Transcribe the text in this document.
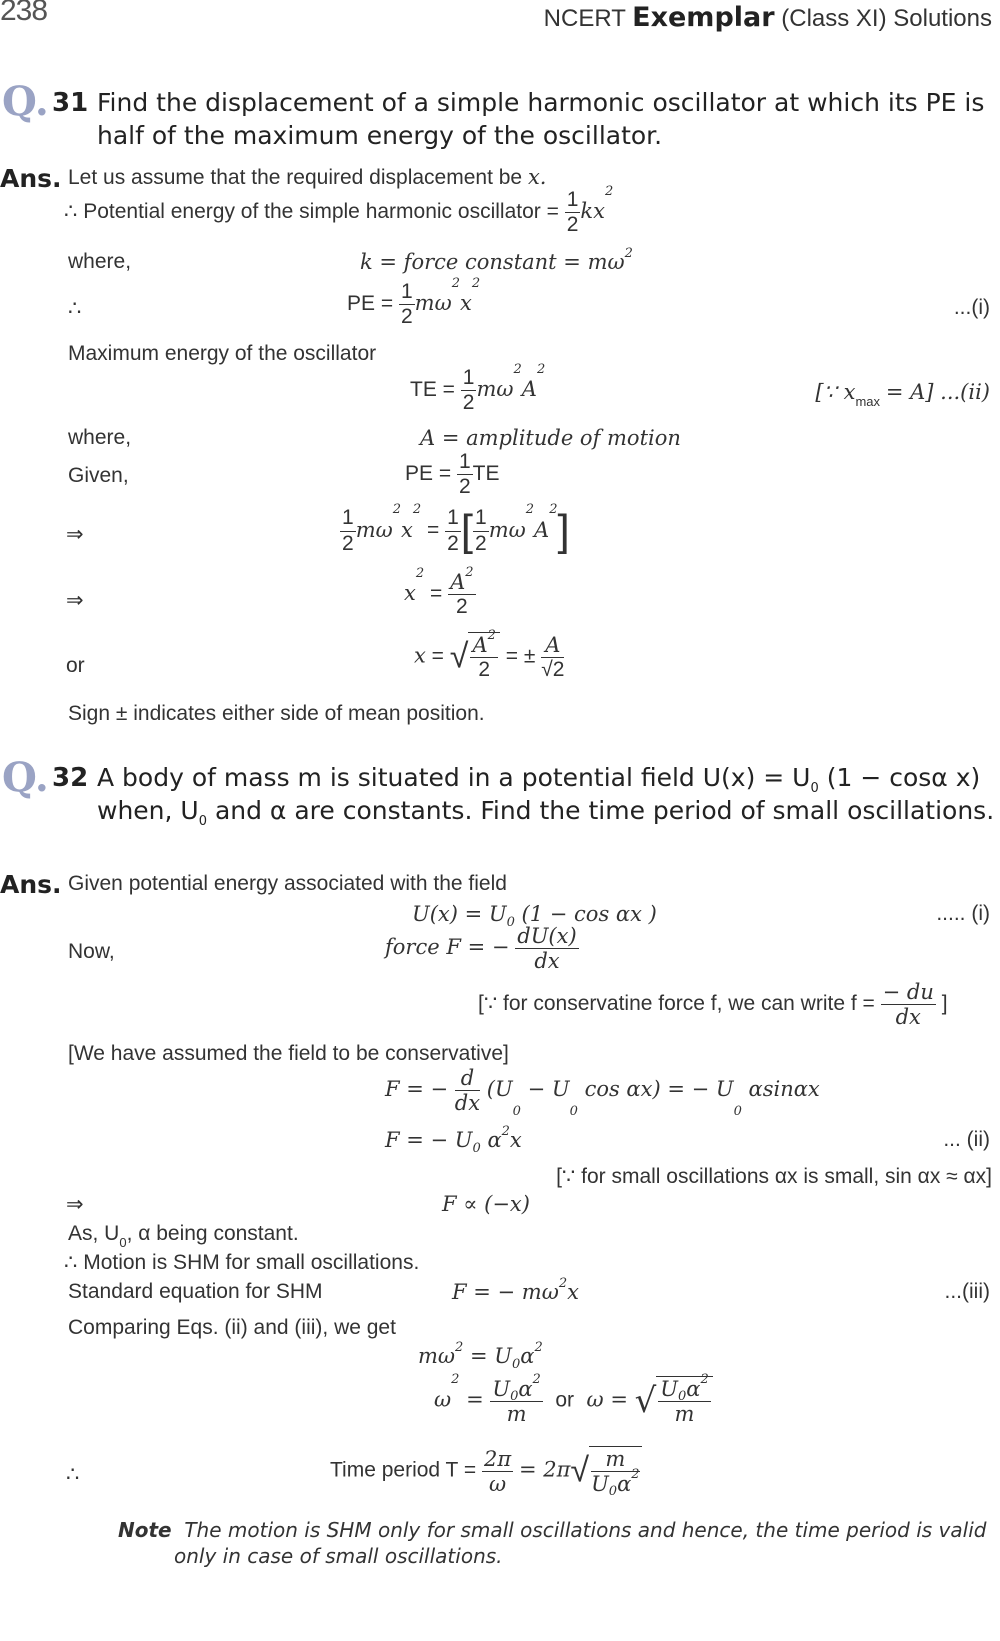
238	NCERT Exemplar (Class XI) Solutions
Q. 31 Find the displacement of a simple harmonic oscillator at which its PE is
half of the maximum energy of the oscillator.
Ans. Let us assume that the required displacement be x.
∴ Potential energy of the simple harmonic oscillator = $\frac{1}{2} kx^2$
where,	k = force constant = $m\omega^2$
∴	PE = $\frac{1}{2} m\omega^2x^2$
...(i)
Maximum energy of the oscillator
TE = $\frac{1}{2} m\omega^2A^2$
[∵ $x_{max} = A$] ...(ii)
where,	A = amplitude of motion
Given,	PE = $\frac{1}{2}$ TE
⇒	$\frac{1}{2} m\omega^2x^2 = \frac{1}{2}$ [ $\frac{1}{2} m\omega^2A^2$]
⇒	$x^2 = \frac{A^2}{2}$
or	x = √ $\frac{A^2}{2}$ = ± $\frac{A}{√2}$
Sign ± indicates either side of mean position.
Q. 32 A body of mass m is situated in a potential field $U(x) = U_0$ (1 − cosα x)
when, $U_0$ and α are constants. Find the time period of small oscillations.
Ans. Given potential energy associated with the field
$U(x) = U_0$ (1 − cos αx )	..... (i)
Now,	force F = − $\frac{dU(x)}{dx}$
[∵ for conservatine force f, we can write $f = \frac{- du}{dx}$ ]
[We have assumed the field to be conservative]
F = − $\frac{d}{dx} (U_0 - U_0$ cos αx) = − $U_0$ αsinαx
F = − $U_0$ $\alpha^2x$	... (ii)
[∵ for small oscillations αx is small, sin αx ≈ αx]
⇒	F ∝ (−x)
As, $U_0$, α being constant.
∴ Motion is SHM for small oscillations.
Standard equation for SHM	F = − $m\omega^2x$	...(iii)
Comparing Eqs. (ii) and (iii), we get
$m\omega^2 = U_0\alpha^2$
$\omega^2 = \frac{U_0\alpha^2}{m}$ or  ω = √ $\frac{U_0\alpha^2}{m}$
∴	Time period $T = \frac{2\pi}{\omega} = 2\pi√ \frac{m}{U_0\alpha^2}$
Note The motion is SHM only for small oscillations and hence, the time period is valid
only in case of small oscillations.
